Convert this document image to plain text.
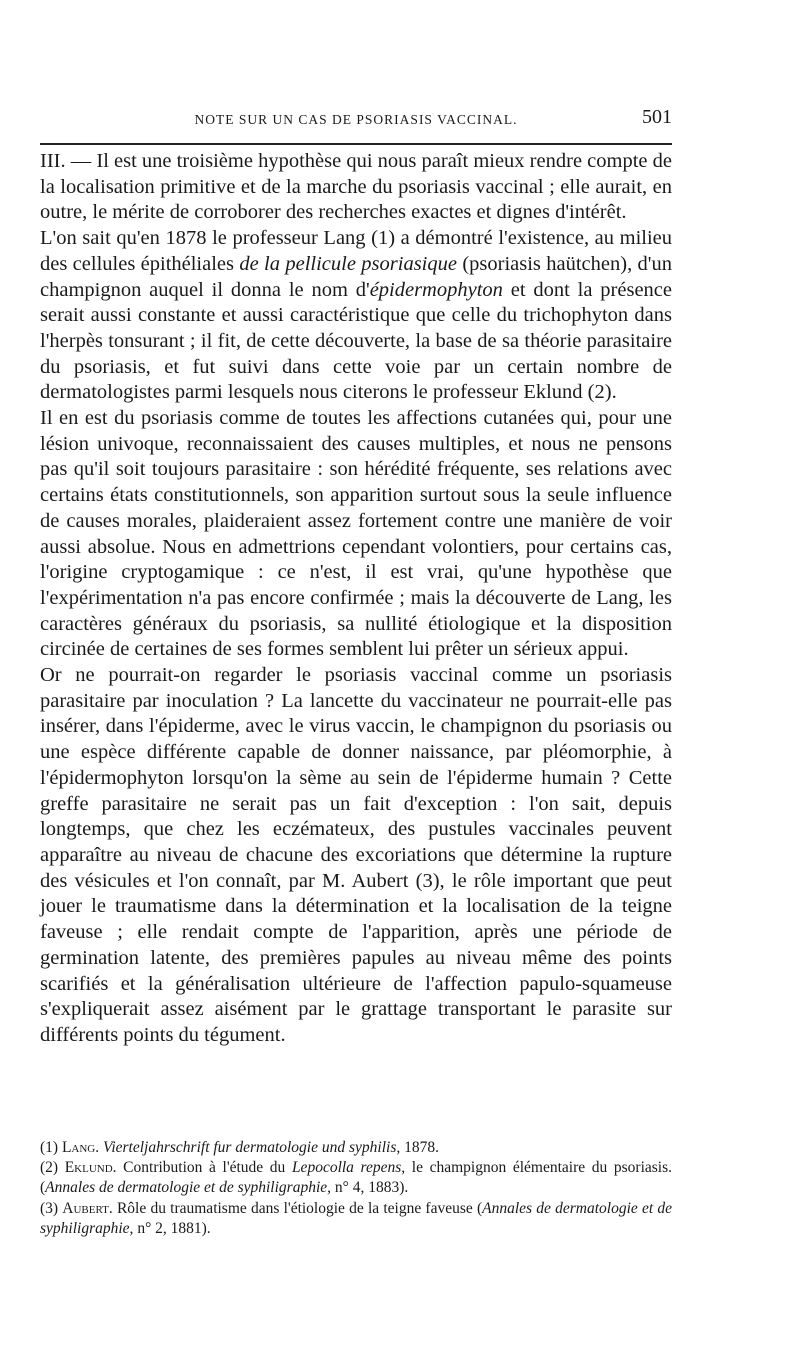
NOTE SUR UN CAS DE PSORIASIS VACCINAL.	501

III. — Il est une troisième hypothèse qui nous paraît mieux rendre compte de la localisation primitive et de la marche du psoriasis vaccinal ; elle aurait, en outre, le mérite de corroborer des recherches exactes et dignes d'intérêt.

L'on sait qu'en 1878 le professeur Lang (1) a démontré l'existence, au milieu des cellules épithéliales de la pellicule psoriasique (psoriasis haütchen), d'un champignon auquel il donna le nom d'épidermophyton et dont la présence serait aussi constante et aussi caractéristique que celle du trichophyton dans l'herpès tonsurant ; il fit, de cette découverte, la base de sa théorie parasitaire du psoriasis, et fut suivi dans cette voie par un certain nombre de dermatologistes parmi lesquels nous citerons le professeur Eklund (2).

Il en est du psoriasis comme de toutes les affections cutanées qui, pour une lésion univoque, reconnaissaient des causes multiples, et nous ne pensons pas qu'il soit toujours parasitaire : son hérédité fréquente, ses relations avec certains états constitutionnels, son apparition surtout sous la seule influence de causes morales, plaideraient assez fortement contre une manière de voir aussi absolue. Nous en admettrions cependant volontiers, pour certains cas, l'origine cryptogamique : ce n'est, il est vrai, qu'une hypothèse que l'expérimentation n'a pas encore confirmée ; mais la découverte de Lang, les caractères généraux du psoriasis, sa nullité étiologique et la disposition circinée de certaines de ses formes semblent lui prêter un sérieux appui.

Or ne pourrait-on regarder le psoriasis vaccinal comme un psoriasis parasitaire par inoculation ? La lancette du vaccinateur ne pourrait-elle pas insérer, dans l'épiderme, avec le virus vaccin, le champignon du psoriasis ou une espèce différente capable de donner naissance, par pléomorphie, à l'épidermophyton lorsqu'on la sème au sein de l'épiderme humain ? Cette greffe parasitaire ne serait pas un fait d'exception : l'on sait, depuis longtemps, que chez les eczémateux, des pustules vaccinales peuvent apparaître au niveau de chacune des excoriations que détermine la rupture des vésicules et l'on connaît, par M. Aubert (3), le rôle important que peut jouer le traumatisme dans la détermination et la localisation de la teigne faveuse ; elle rendait compte de l'apparition, après une période de germination latente, des premières papules au niveau même des points scarifiés et la généralisation ultérieure de l'affection papulo-squameuse s'expliquerait assez aisément par le grattage transportant le parasite sur différents points du tégument.

(1) Lang. Vierteljahrschrift fur dermatologie und syphilis, 1878.

(2) Eklund. Contribution à l'étude du Lepocolla repens, le champignon élémentaire du psoriasis. (Annales de dermatologie et de syphiligraphie, n° 4, 1883).

(3) Aubert. Rôle du traumatisme dans l'étiologie de la teigne faveuse (Annales de dermatologie et de syphiligraphie, n° 2, 1881).
